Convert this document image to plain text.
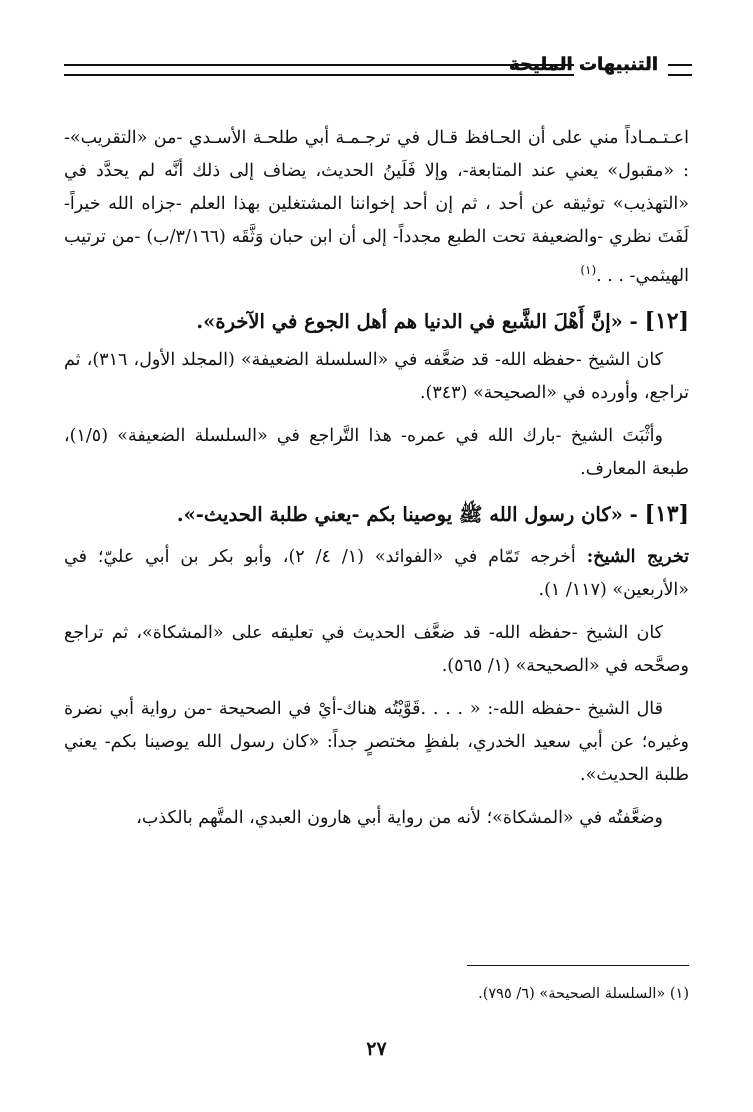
التنبيهات المليحة

اعـتـمـاداً مني على أن الحـافظ قـال في ترجـمـة أبي طلحـة الأسـدي -من «التقريب»- : «مقبول» يعني عند المتابعة-، وإلا فَلَينُ الحديث، يضاف إلى ذلك أنَّه لم يحدَّد في «التهذيب» توثيقه عن أحد ، ثم إن أحد إخواننا المشتغلين بهذا العلم -جزاه الله خيراً- لَفَتَ نظري -والضعيفة تحت الطبع مجدداً- إلى أن ابن حبان وَثَّقَه (٣/١٦٦/ب) -من ترتيب الهيثمي- . . .$^{(١)}$

[١٢] - «إنَّ أَهْلَ الشَّبع في الدنيا هم أهل الجوع في الآخرة».

كان الشيخ -حفظه الله- قد ضعَّفه في «السلسلة الضعيفة» (المجلد الأول، ٣١٦)، ثم تراجع، وأورده في «الصحيحة» (٣٤٣).

وأثْبَتَ الشيخ -بارك الله في عمره- هذا التَّراجع في «السلسلة الضعيفة» (١/٥)، طبعة المعارف.

[١٣] - «كان رسول الله ﷺ يوصينا بكم -يعني طلبة الحديث-».

تخريج الشيخ: أخرجه تَمّام في «الفوائد» (١/ ٤/ ٢)، وأبو بكر بن أبي عليّ؛ في «الأربعين» (١١٧/ ١).

كان الشيخ -حفظه الله- قد ضعَّف الحديث في تعليقه على «المشكاة»، ثم تراجع وصحَّحه في «الصحيحة» (١/ ٥٦٥).

قال الشيخ -حفظه الله-: « . . . .قَوَّيْتُه هناك-أيْ في الصحيحة -من رواية أبي نضرة وغيره؛ عن أبي سعيد الخدري، بلفظٍ مختصرٍ جداً: «كان رسول الله يوصينا بكم- يعني طلبة الحديث».

وضعَّفتُه في «المشكاة»؛ لأنه من رواية أبي هارون العبدي، المتَّهم بالكذب،

(١) «السلسلة الصحيحة» (٦/ ٧٩٥).
٢٧
